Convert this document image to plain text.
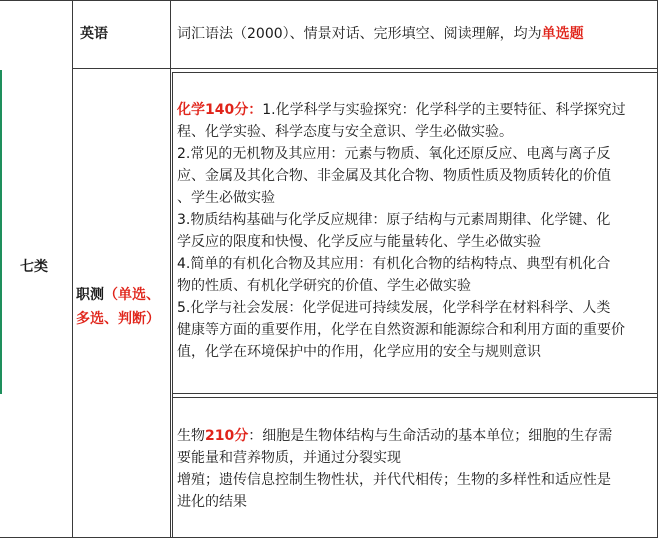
七类
英语	词汇语法（2000）、情景对话、完形填空、阅读理解，均为单选题
职测（单选、多选、判断）
化学140分：1.化学科学与实验探究：化学科学的主要特征、科学探究过
程、化学实验、科学态度与安全意识、学生必做实验。
2.常见的无机物及其应用：元素与物质、氧化还原反应、电离与离子反
应、金属及其化合物、非金属及其化合物、物质性质及物质转化的价值
、学生必做实验
3.物质结构基础与化学反应规律：原子结构与元素周期律、化学键、化
学反应的限度和快慢、化学反应与能量转化、学生必做实验
4.简单的有机化合物及其应用：有机化合物的结构特点、典型有机化合
物的性质、有机化学研究的价值、学生必做实验
5.化学与社会发展：化学促进可持续发展，化学科学在材料科学、人类
健康等方面的重要作用，化学在自然资源和能源综合和利用方面的重要价
值，化学在环境保护中的作用，化学应用的安全与规则意识
生物210分：细胞是生物体结构与生命活动的基本单位；细胞的生存需
要能量和营养物质，并通过分裂实现
增殖；遗传信息控制生物性状，并代代相传；生物的多样性和适应性是
进化的结果
